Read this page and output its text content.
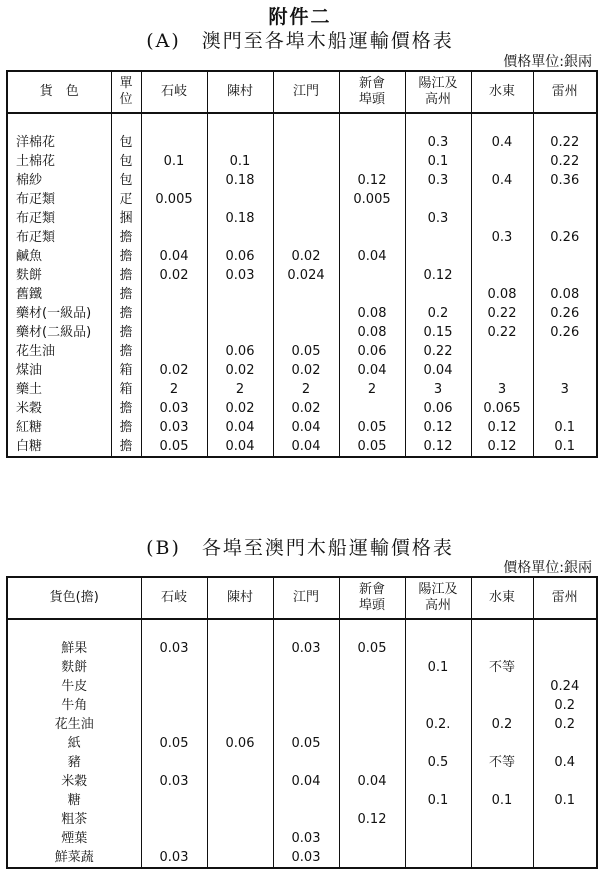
附件二
(A)　澳門至各埠木船運輸價格表
價格單位:銀兩
貨　色	單位	石岐	陳村	江門	新會埠頭	陽江及高州	水東	雷州

洋棉花	包					0.3	0.4	0.22
土棉花	包	0.1	0.1			0.1		0.22
棉紗	包		0.18		0.12	0.3	0.4	0.36
布疋類	疋	0.005			0.005			
布疋類	捆		0.18			0.3		
布疋類	擔						0.3	0.26
鹹魚	擔	0.04	0.06	0.02	0.04			
麩餅	擔	0.02	0.03	0.024		0.12		
舊鐵	擔						0.08	0.08
藥材(一級品)	擔				0.08	0.2	0.22	0.26
藥材(二級品)	擔				0.08	0.15	0.22	0.26
花生油	擔		0.06	0.05	0.06	0.22		
煤油	箱	0.02	0.02	0.02	0.04	0.04		
藥土	箱	2	2	2	2	3	3	3
米穀	擔	0.03	0.02	0.02		0.06	0.065	
紅糖	擔	0.03	0.04	0.04	0.05	0.12	0.12	0.1
白糖	擔	0.05	0.04	0.04	0.05	0.12	0.12	0.1
(B)　各埠至澳門木船運輸價格表
價格單位:銀兩
貨色(擔)	石岐	陳村	江門	新會埠頭	陽江及高州	水東	雷州

鮮果	0.03		0.03	0.05			
麩餅					0.1	不等	
牛皮							0.24
牛角							0.2
花生油					0.2.	0.2	0.2
紙	0.05	0.06	0.05				
豬					0.5	不等	0.4
米穀	0.03		0.04	0.04			
糖					0.1	0.1	0.1
粗茶				0.12			
煙葉			0.03				
鮮菜蔬	0.03		0.03				
